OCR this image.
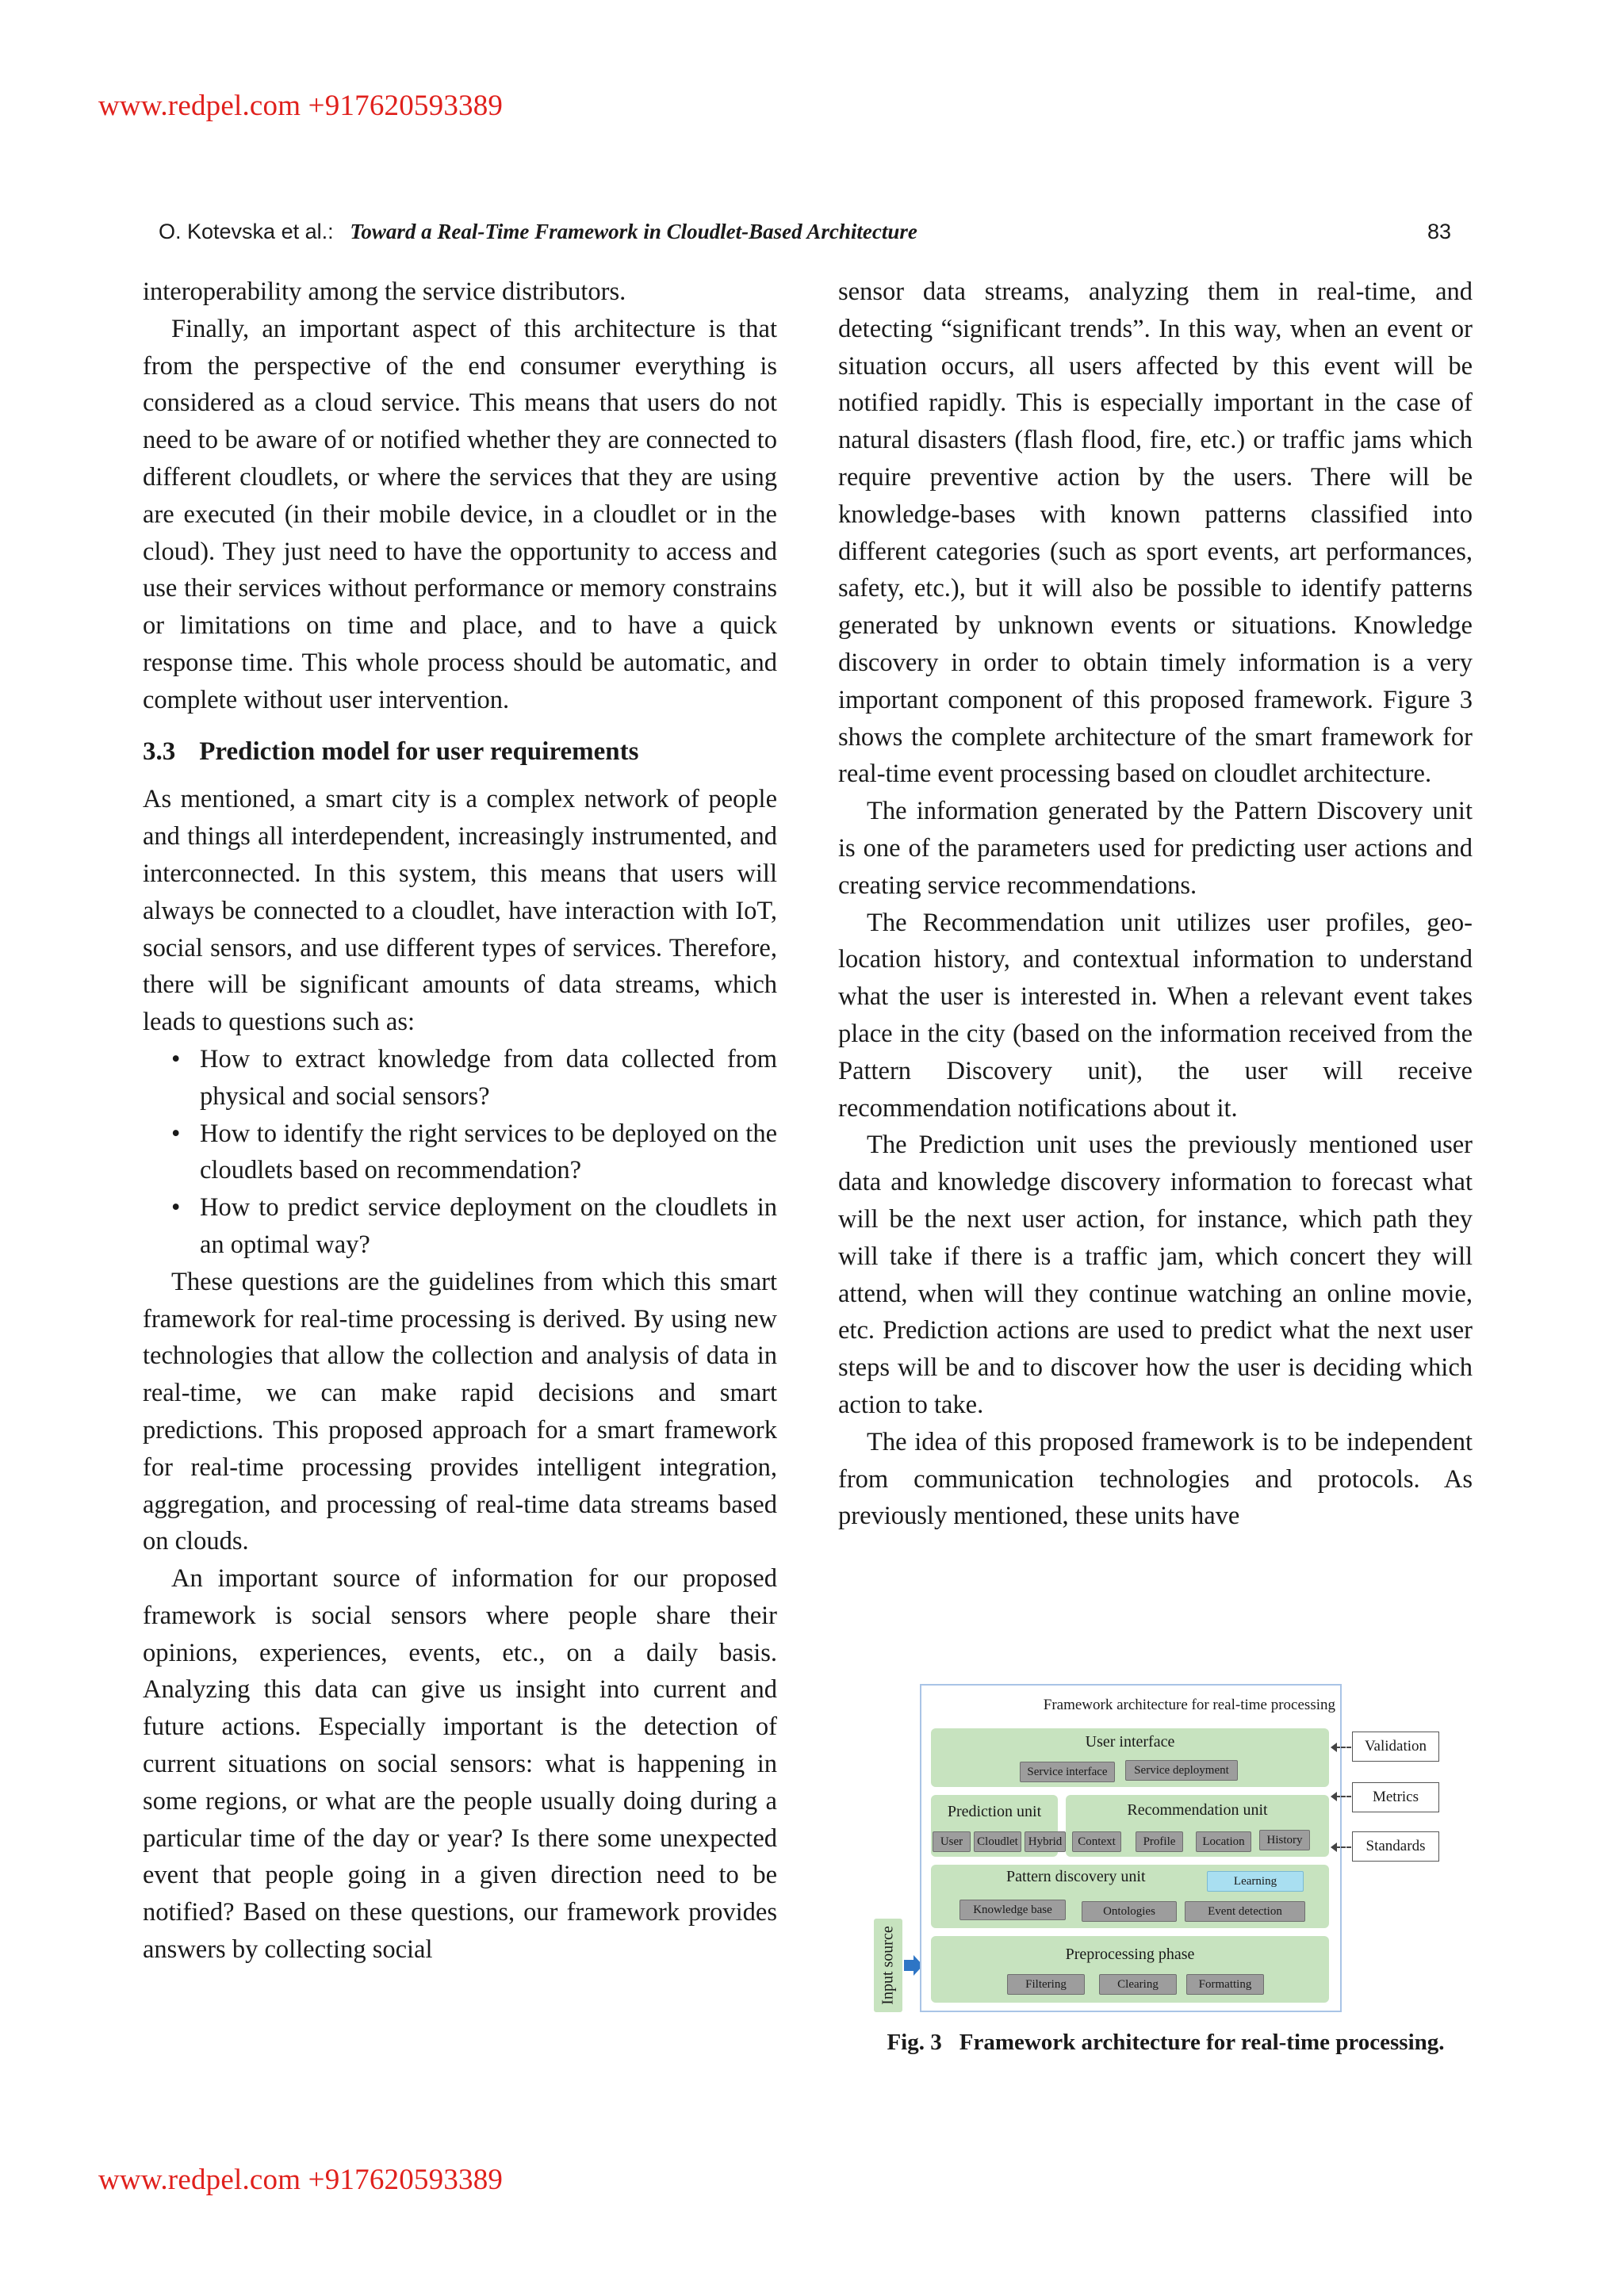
www.redpel.com +917620593389
O. Kotevska et al.: Toward a Real-Time Framework in Cloudlet-Based Architecture	83

interoperability among the service distributors.

Finally, an important aspect of this architecture is that from the perspective of the end consumer everything is considered as a cloud service. This means that users do not need to be aware of or notified whether they are connected to different cloudlets, or where the services that they are using are executed (in their mobile device, in a cloudlet or in the cloud). They just need to have the opportunity to access and use their services without performance or memory constrains or limitations on time and place, and to have a quick response time. This whole process should be automatic, and complete without user intervention.

3.3 Prediction model for user requirements

As mentioned, a smart city is a complex network of people and things all interdependent, increasingly instrumented, and interconnected. In this system, this means that users will always be connected to a cloudlet, have interaction with IoT, social sensors, and use different types of services. Therefore, there will be significant amounts of data streams, which leads to questions such as:

• How to extract knowledge from data collected from physical and social sensors?
• How to identify the right services to be deployed on the cloudlets based on recommendation?
• How to predict service deployment on the cloudlets in an optimal way?

These questions are the guidelines from which this smart framework for real-time processing is derived. By using new technologies that allow the collection and analysis of data in real-time, we can make rapid decisions and smart predictions. This proposed approach for a smart framework for real-time processing provides intelligent integration, aggregation, and processing of real-time data streams based on clouds.

An important source of information for our proposed framework is social sensors where people share their opinions, experiences, events, etc., on a daily basis. Analyzing this data can give us insight into current and future actions. Especially important is the detection of current situations on social sensors: what is happening in some regions, or what are the people usually doing during a particular time of the day or year? Is there some unexpected event that people going in a given direction need to be notified? Based on these questions, our framework provides answers by collecting social

sensor data streams, analyzing them in real-time, and detecting “significant trends”. In this way, when an event or situation occurs, all users affected by this event will be notified rapidly. This is especially important in the case of natural disasters (flash flood, fire, etc.) or traffic jams which require preventive action by the users. There will be knowledge-bases with known patterns classified into different categories (such as sport events, art performances, safety, etc.), but it will also be possible to identify patterns generated by unknown events or situations. Knowledge discovery in order to obtain timely information is a very important component of this proposed framework. Figure 3 shows the complete architecture of the smart framework for real-time event processing based on cloudlet architecture.

The information generated by the Pattern Discovery unit is one of the parameters used for predicting user actions and creating service recommendations.

The Recommendation unit utilizes user profiles, geo-location history, and contextual information to understand what the user is interested in. When a relevant event takes place in the city (based on the information received from the Pattern Discovery unit), the user will receive recommendation notifications about it.

The Prediction unit uses the previously mentioned user data and knowledge discovery information to forecast what will be the next user action, for instance, which path they will take if there is a traffic jam, which concert they will attend, when will they continue watching an online movie, etc. Prediction actions are used to predict what the next user steps will be and to discover how the user is deciding which action to take.

The idea of this proposed framework is to be independent from communication technologies and protocols. As previously mentioned, these units have

Input source
Framework architecture for real-time processing
User interface
Service interface	Service deployment
Prediction unit
User	Cloudlet Hybrid
Recommendation unit
Context	Profile	Location	History
Pattern discovery unit	Learning
Knowledge base	Ontologies	Event detection
Preprocessing phase
Filtering	Clearing	Formatting
Validation
Metrics
Standards
Fig. 3 Framework architecture for real-time processing.
www.redpel.com +917620593389
